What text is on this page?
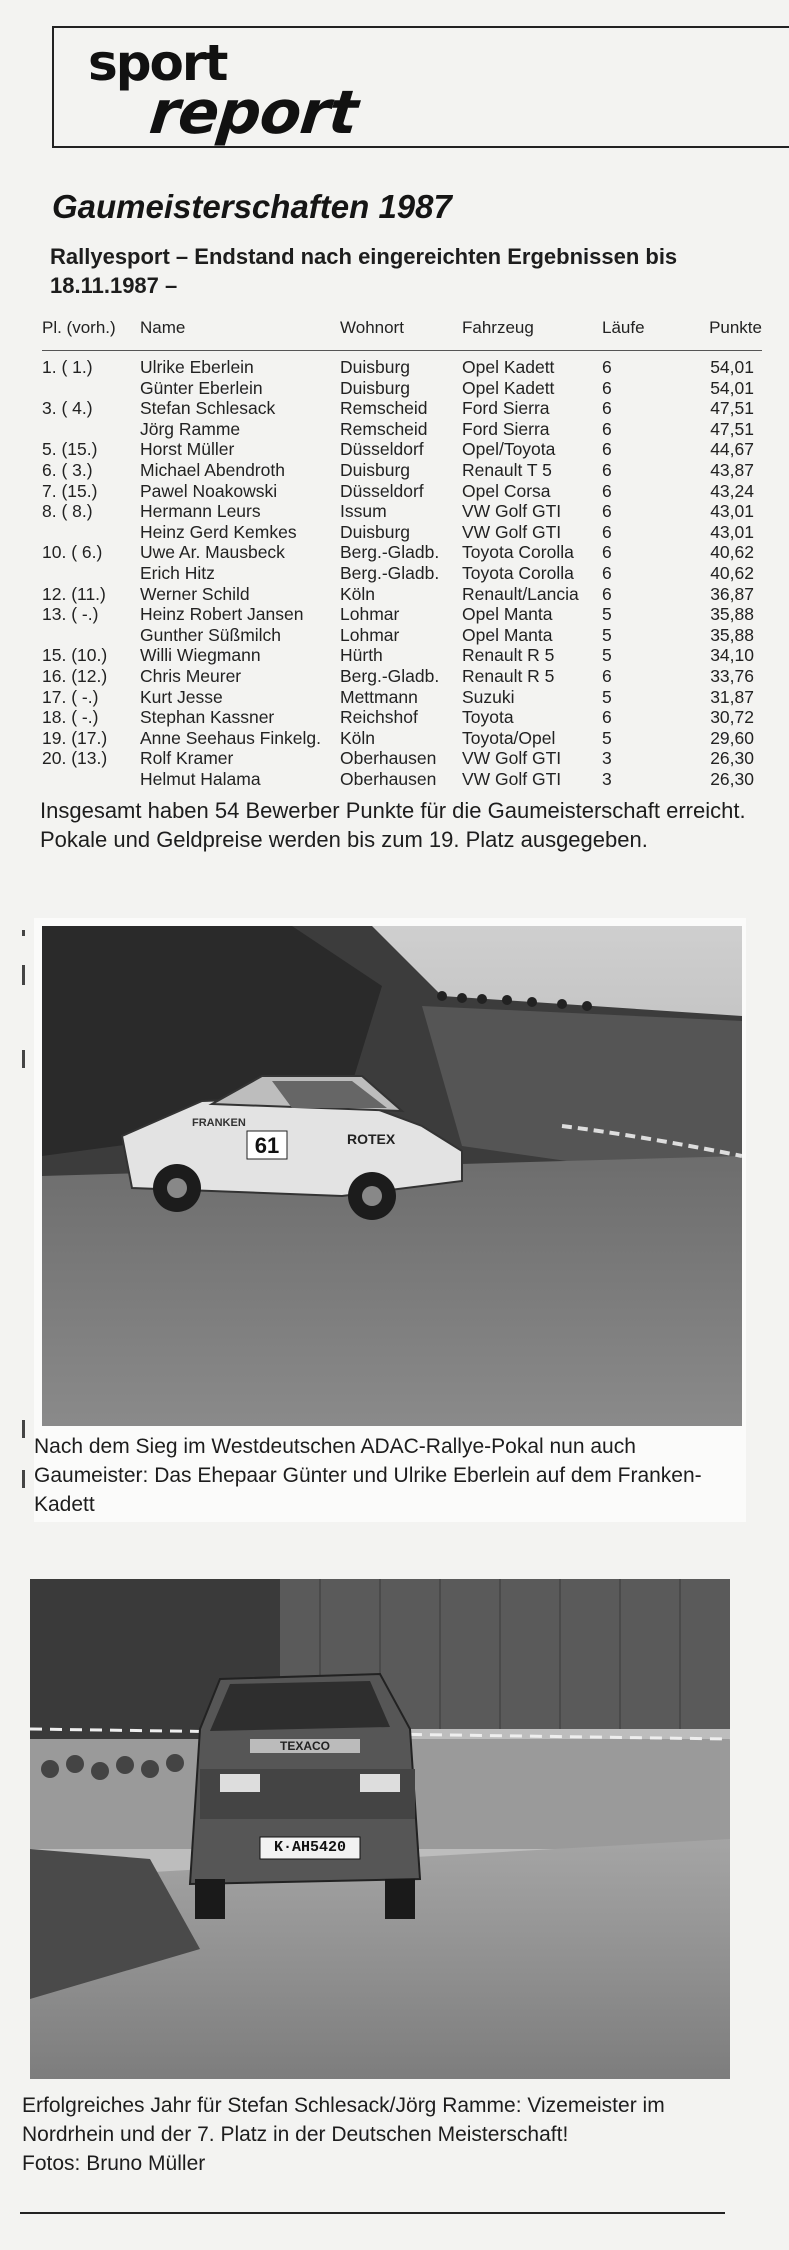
sport
report
Gaumeisterschaften 1987
Rallyesport – Endstand nach eingereichten Ergebnissen bis 18.11.1987 –
Pl. (vorh.)	Name	Wohnort	Fahrzeug	Läufe	Punkte
1. ( 1.)	Ulrike Eberlein	Duisburg	Opel Kadett	6	54,01
	Günter Eberlein	Duisburg	Opel Kadett	6	54,01
3. ( 4.)	Stefan Schlesack	Remscheid	Ford Sierra	6	47,51
	Jörg Ramme	Remscheid	Ford Sierra	6	47,51
5. (15.)	Horst Müller	Düsseldorf	Opel/Toyota	6	44,67
6. ( 3.)	Michael Abendroth	Duisburg	Renault T 5	6	43,87
7. (15.)	Pawel Noakowski	Düsseldorf	Opel Corsa	6	43,24
8. ( 8.)	Hermann Leurs	Issum	VW Golf GTI	6	43,01
	Heinz Gerd Kemkes	Duisburg	VW Golf GTI	6	43,01
10. ( 6.)	Uwe Ar. Mausbeck	Berg.-Gladb.	Toyota Corolla	6	40,62
	Erich Hitz	Berg.-Gladb.	Toyota Corolla	6	40,62
12. (11.)	Werner Schild	Köln	Renault/Lancia	6	36,87
13. ( -.)	Heinz Robert Jansen	Lohmar	Opel Manta	5	35,88
	Gunther Süßmilch	Lohmar	Opel Manta	5	35,88
15. (10.)	Willi Wiegmann	Hürth	Renault R 5	5	34,10
16. (12.)	Chris Meurer	Berg.-Gladb.	Renault R 5	6	33,76
17. ( -.)	Kurt Jesse	Mettmann	Suzuki	5	31,87
18. ( -.)	Stephan Kassner	Reichshof	Toyota	6	30,72
19. (17.)	Anne Seehaus Finkelg.	Köln	Toyota/Opel	5	29,60
20. (13.)	Rolf Kramer	Oberhausen	VW Golf GTI	3	26,30
	Helmut Halama	Oberhausen	VW Golf GTI	3	26,30
Insgesamt haben 54 Bewerber Punkte für die Gaumeisterschaft erreicht. Pokale und Geldpreise werden bis zum 19. Platz ausgegeben.
61	ROTEX
FRANKEN
Nach dem Sieg im Westdeutschen ADAC-Rallye-Pokal nun auch Gaumeister: Das Ehepaar Günter und Ulrike Eberlein auf dem Franken-Kadett
K·AH5420
TEXACO
Erfolgreiches Jahr für Stefan Schlesack/Jörg Ramme: Vizemeister im Nordrhein und der 7. Platz in der Deutschen Meisterschaft!
Fotos: Bruno Müller
